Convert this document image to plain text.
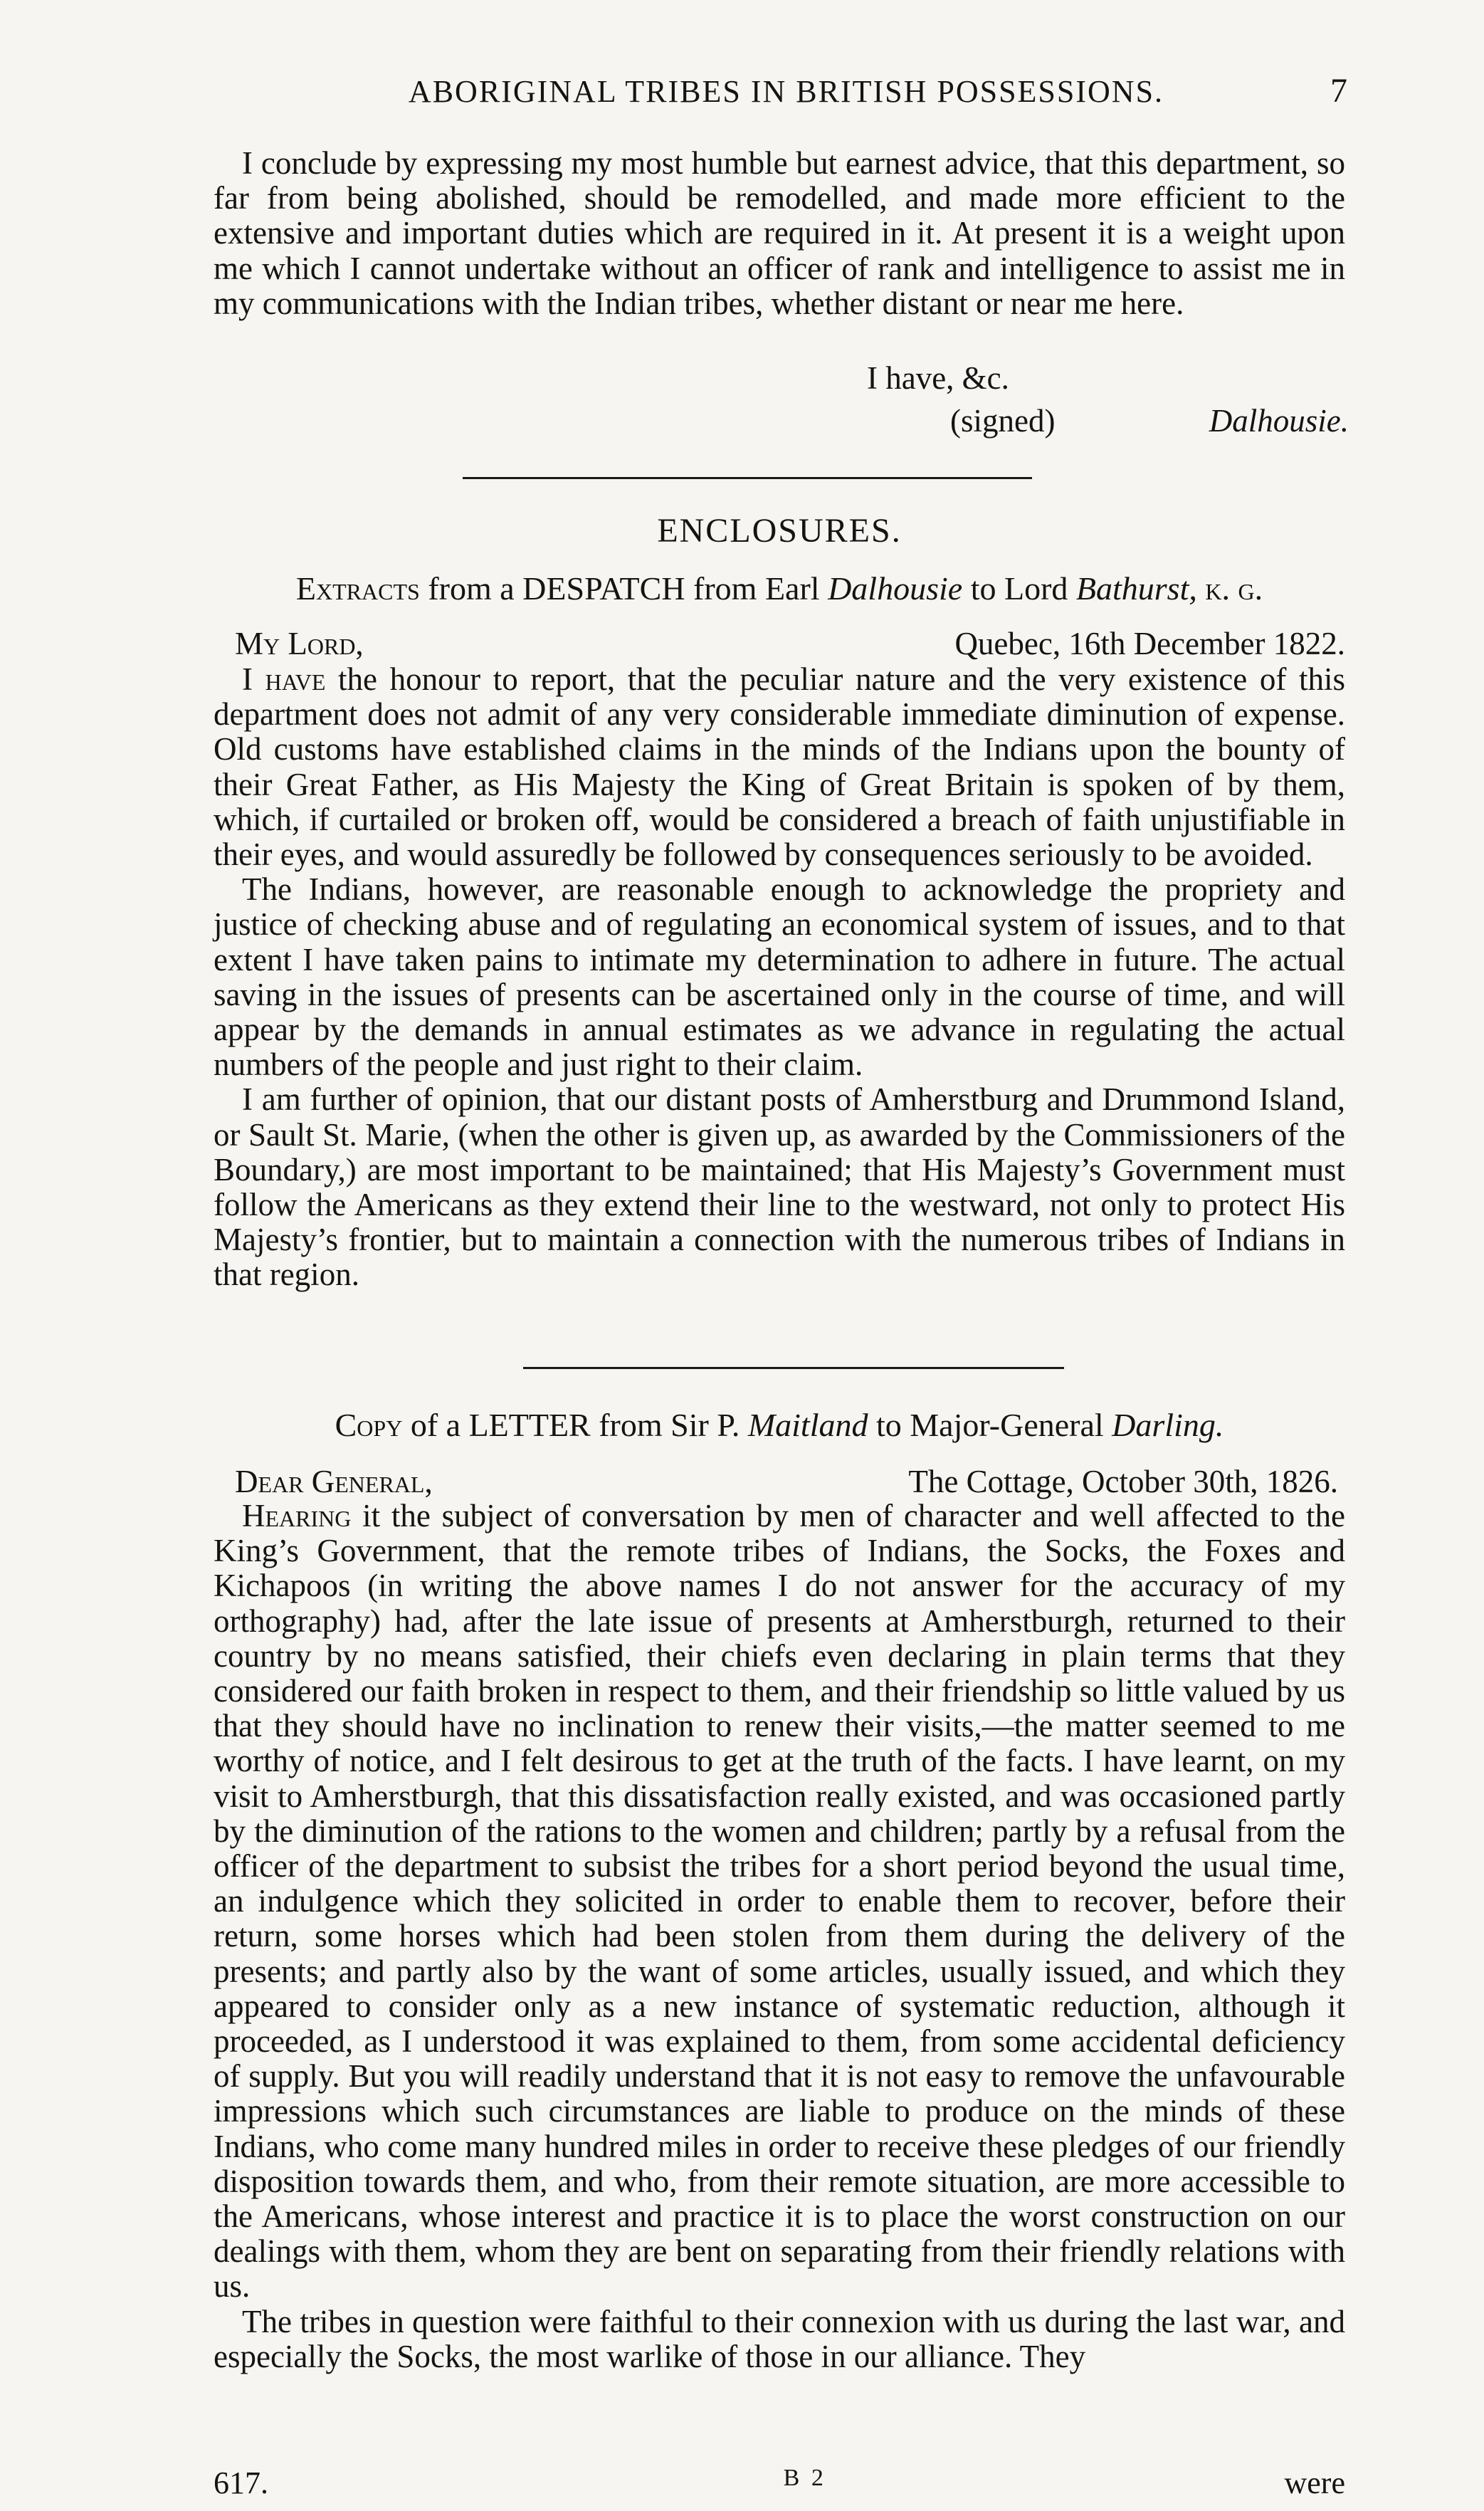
ABORIGINAL TRIBES IN BRITISH POSSESSIONS.	7

I conclude by expressing my most humble but earnest advice, that this department, so far from being abolished, should be remodelled, and made more efficient to the extensive and important duties which are required in it. At present it is a weight upon me which I cannot undertake without an officer of rank and intelligence to assist me in my communications with the Indian tribes, whether distant or near me here.

I have, &c.
(signed)	Dalhousie.
ENCLOSURES.
Extracts from a DESPATCH from Earl Dalhousie to Lord Bathurst, k. g.
My Lord,	Quebec, 16th December 1822.

I have the honour to report, that the peculiar nature and the very existence of this department does not admit of any very considerable immediate diminution of expense. Old customs have established claims in the minds of the Indians upon the bounty of their Great Father, as His Majesty the King of Great Britain is spoken of by them, which, if curtailed or broken off, would be considered a breach of faith unjustifiable in their eyes, and would assuredly be followed by consequences seriously to be avoided.

The Indians, however, are reasonable enough to acknowledge the propriety and justice of checking abuse and of regulating an economical system of issues, and to that extent I have taken pains to intimate my determination to adhere in future. The actual saving in the issues of presents can be ascertained only in the course of time, and will appear by the demands in annual estimates as we advance in regulating the actual numbers of the people and just right to their claim.

I am further of opinion, that our distant posts of Amherstburg and Drummond Island, or Sault St. Marie, (when the other is given up, as awarded by the Commissioners of the Boundary,) are most important to be maintained; that His Majesty’s Government must follow the Americans as they extend their line to the westward, not only to protect His Majesty’s frontier, but to maintain a connection with the numerous tribes of Indians in that region.

Copy of a LETTER from Sir P. Maitland to Major-General Darling.
Dear General,	The Cottage, October 30th, 1826.

Hearing it the subject of conversation by men of character and well affected to the King’s Government, that the remote tribes of Indians, the Socks, the Foxes and Kichapoos (in writing the above names I do not answer for the accuracy of my orthography) had, after the late issue of presents at Amherstburgh, returned to their country by no means satisfied, their chiefs even declaring in plain terms that they considered our faith broken in respect to them, and their friendship so little valued by us that they should have no inclination to renew their visits,—the matter seemed to me worthy of notice, and I felt desirous to get at the truth of the facts. I have learnt, on my visit to Amherstburgh, that this dissatisfaction really existed, and was occasioned partly by the diminution of the rations to the women and children; partly by a refusal from the officer of the department to subsist the tribes for a short period beyond the usual time, an indulgence which they solicited in order to enable them to recover, before their return, some horses which had been stolen from them during the delivery of the presents; and partly also by the want of some articles, usually issued, and which they appeared to consider only as a new instance of systematic reduction, although it proceeded, as I understood it was explained to them, from some accidental deficiency of supply. But you will readily understand that it is not easy to remove the unfavourable impressions which such circumstances are liable to produce on the minds of these Indians, who come many hundred miles in order to receive these pledges of our friendly disposition towards them, and who, from their remote situation, are more accessible to the Americans, whose interest and practice it is to place the worst construction on our dealings with them, whom they are bent on separating from their friendly relations with us.

The tribes in question were faithful to their connexion with us during the last war, and especially the Socks, the most warlike of those in our alliance. They

617.	B 2	were
